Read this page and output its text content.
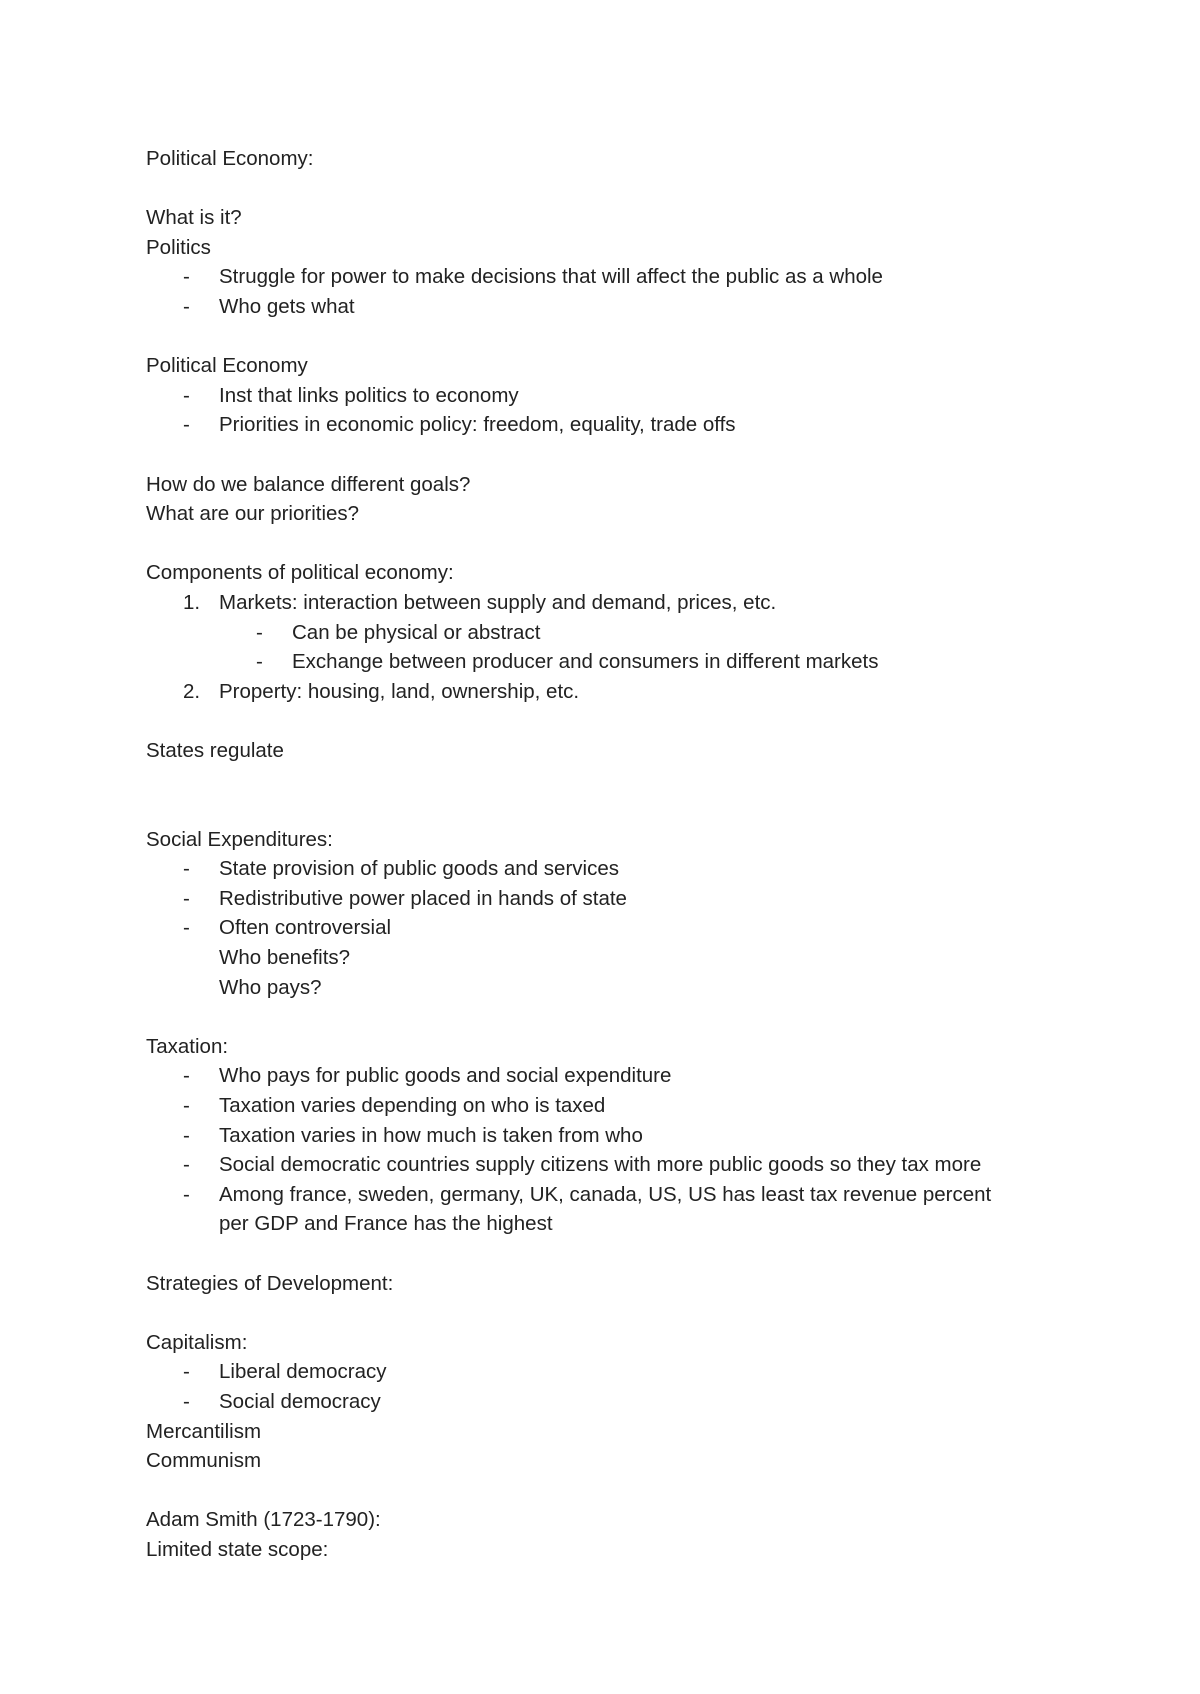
Political Economy:
What is it?
Politics
- Struggle for power to make decisions that will affect the public as a whole
- Who gets what
Political Economy
- Inst that links politics to economy
- Priorities in economic policy: freedom, equality, trade offs
How do we balance different goals?
What are our priorities?
Components of political economy:
1. Markets: interaction between supply and demand, prices, etc.
- Can be physical or abstract
- Exchange between producer and consumers in different markets
2. Property: housing, land, ownership, etc.
States regulate
Social Expenditures:
- State provision of public goods and services
- Redistributive power placed in hands of state
- Often controversial
Who benefits?
Who pays?
Taxation:
- Who pays for public goods and social expenditure
- Taxation varies depending on who is taxed
- Taxation varies in how much is taken from who
- Social democratic countries supply citizens with more public goods so they tax more
- Among france, sweden, germany, UK, canada, US, US has least tax revenue percent
per GDP and France has the highest
Strategies of Development:
Capitalism:
- Liberal democracy
- Social democracy
Mercantilism
Communism
Adam Smith (1723-1790):
Limited state scope:
